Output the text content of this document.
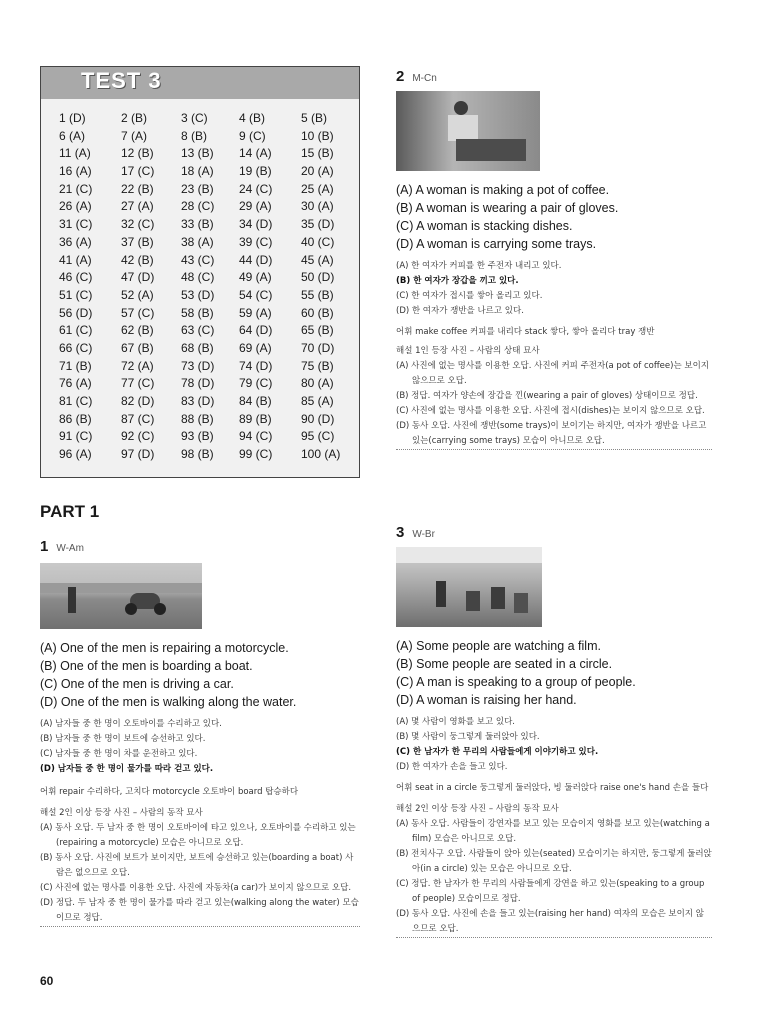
TEST 3
1 (D)	2 (B)	3 (C)	4 (B)	5 (B)
6 (A)	7 (A)	8 (B)	9 (C)	10 (B)
11 (A)	12 (B) 13 (B) 14 (A) 15 (B)
16 (A) 17 (C) 18 (A) 19 (B) 20 (A)
21 (C) 22 (B) 23 (B) 24 (C) 25 (A)
26 (A) 27 (A) 28 (C) 29 (A) 30 (A)
31 (C) 32 (C) 33 (B) 34 (D) 35 (D)
36 (A) 37 (B) 38 (A) 39 (C) 40 (C)
41 (A) 42 (B) 43 (C) 44 (D) 45 (A)
46 (C) 47 (D) 48 (C) 49 (A) 50 (D)
51 (C) 52 (A) 53 (D) 54 (C) 55 (B)
56 (D) 57 (C) 58 (B) 59 (A) 60 (B)
61 (C) 62 (B) 63 (C) 64 (D) 65 (B)
66 (C) 67 (B) 68 (B) 69 (A) 70 (D)
71 (B) 72 (A) 73 (D) 74 (D) 75 (B)
76 (A) 77 (C) 78 (D) 79 (C) 80 (A)
81 (C) 82 (D) 83 (D) 84 (B) 85 (A)
86 (B) 87 (C) 88 (B) 89 (B) 90 (D)
91 (C) 92 (C) 93 (B) 94 (C) 95 (C)
96 (A) 97 (D) 98 (B) 99 (C) 100 (A)
PART 1
1 W-Am
(A) One of the men is repairing a motorcycle.
(B) One of the men is boarding a boat.
(C) One of the men is driving a car.
(D) One of the men is walking along the water.
(A) 남자들 중 한 명이 오토바이를 수리하고 있다.
(B) 남자들 중 한 명이 보트에 승선하고 있다.
(C) 남자들 중 한 명이 차를 운전하고 있다.
(D) 남자들 중 한 명이 물가를 따라 걷고 있다.
어휘 repair 수리하다, 고치다 motorcycle 오토바이 board 탑승하다
해설 2인 이상 등장 사진 – 사람의 동작 묘사
(A) 동사 오답. 두 남자 중 한 명이 오토바이에 타고 있으나, 오토바이를 수리하고 있는(repairing a motorcycle) 모습은 아니므로 오답.
(B) 동사 오답. 사진에 보트가 보이지만, 보트에 승선하고 있는(boarding a boat) 사람은 없으므로 오답.
(C) 사진에 없는 명사를 이용한 오답. 사진에 자동차(a car)가 보이지 않으므로 오답.
(D) 정답. 두 남자 중 한 명이 물가를 따라 걷고 있는(walking along the water) 모습이므로 정답.
2 M-Cn
(A) A woman is making a pot of coffee.
(B) A woman is wearing a pair of gloves.
(C) A woman is stacking dishes.
(D) A woman is carrying some trays.
(A) 한 여자가 커피를 한 주전자 내리고 있다.
(B) 한 여자가 장갑을 끼고 있다.
(C) 한 여자가 접시를 쌓아 올리고 있다.
(D) 한 여자가 쟁반을 나르고 있다.
어휘 make coffee 커피를 내리다 stack 쌓다, 쌓아 올리다 tray 쟁반
해설 1인 등장 사진 – 사람의 상태 묘사
(A) 사진에 없는 명사를 이용한 오답. 사진에 커피 주전자(a pot of coffee)는 보이지 않으므로 오답.
(B) 정답. 여자가 양손에 장갑을 낀(wearing a pair of gloves) 상태이므로 정답.
(C) 사진에 없는 명사를 이용한 오답. 사진에 접시(dishes)는 보이지 않으므로 오답.
(D) 동사 오답. 사진에 쟁반(some trays)이 보이기는 하지만, 여자가 쟁반을 나르고 있는(carrying some trays) 모습이 아니므로 오답.
3 W-Br
(A) Some people are watching a film.
(B) Some people are seated in a circle.
(C) A man is speaking to a group of people.
(D) A woman is raising her hand.
(A) 몇 사람이 영화를 보고 있다.
(B) 몇 사람이 둥그렇게 둘러앉아 있다.
(C) 한 남자가 한 무리의 사람들에게 이야기하고 있다.
(D) 한 여자가 손을 들고 있다.
어휘 seat in a circle 둥그렇게 둘러앉다, 빙 둘러앉다 raise one's hand 손을 들다
해설 2인 이상 등장 사진 – 사람의 동작 묘사
(A) 동사 오답. 사람들이 강연자를 보고 있는 모습이지 영화를 보고 있는(watching a film) 모습은 아니므로 오답.
(B) 전치사구 오답. 사람들이 앉아 있는(seated) 모습이기는 하지만, 둥그렇게 둘러앉아(in a circle) 있는 모습은 아니므로 오답.
(C) 정답. 한 남자가 한 무리의 사람들에게 강연을 하고 있는(speaking to a group of people) 모습이므로 정답.
(D) 동사 오답. 사진에 손을 들고 있는(raising her hand) 여자의 모습은 보이지 않으므로 오답.
60
